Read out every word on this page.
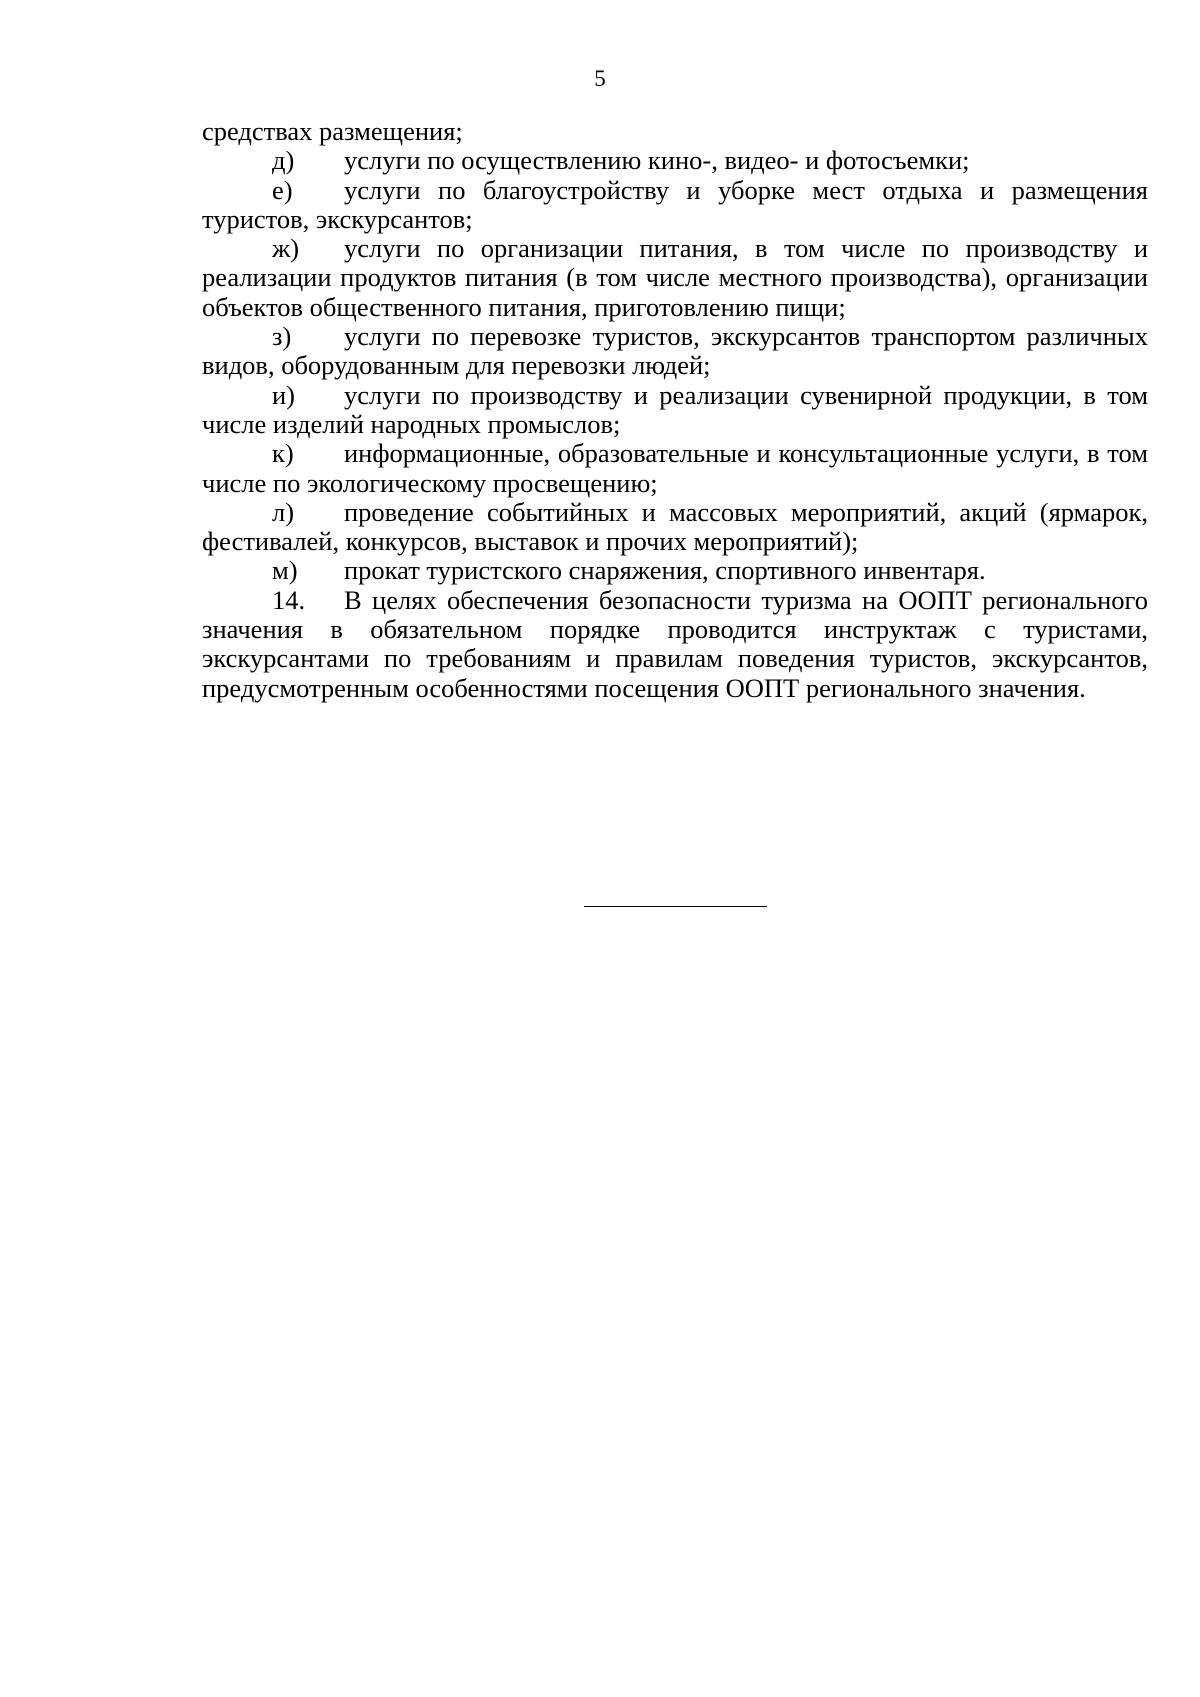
5

средствах размещения;

д) услуги по осуществлению кино-, видео- и фотосъемки;

е) услуги по благоустройству и уборке мест отдыха и размещения туристов, экскурсантов;

ж) услуги по организации питания, в том числе по производству и реализации продуктов питания (в том числе местного производства), организации объектов общественного питания, приготовлению пищи;

з) услуги по перевозке туристов, экскурсантов транспортом различных видов, оборудованным для перевозки людей;

и) услуги по производству и реализации сувенирной продукции, в том числе изделий народных промыслов;

к) информационные, образовательные и консультационные услуги, в том числе по экологическому просвещению;

л) проведение событийных и массовых мероприятий, акций (ярмарок, фестивалей, конкурсов, выставок и прочих мероприятий);

м) прокат туристского снаряжения, спортивного инвентаря.

14. В целях обеспечения безопасности туризма на ООПТ регионального значения в обязательном порядке проводится инструктаж с туристами, экскурсантами по требованиям и правилам поведения туристов, экскурсантов, предусмотренным особенностями посещения ООПТ регионального значения.
